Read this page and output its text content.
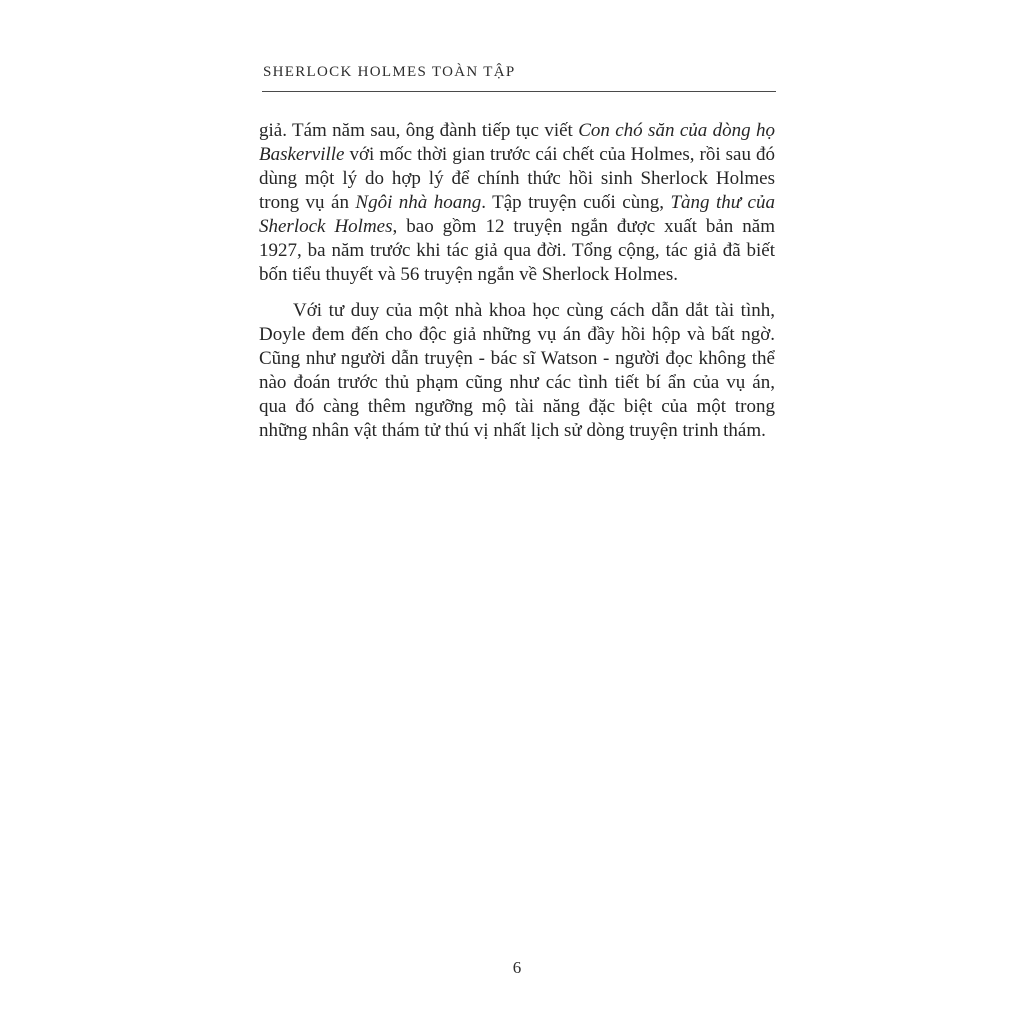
SHERLOCK HOLMES TOÀN TẬP

giả. Tám năm sau, ông đành tiếp tục viết Con chó săn của dòng họ Baskerville với mốc thời gian trước cái chết của Holmes, rồi sau đó dùng một lý do hợp lý để chính thức hồi sinh Sherlock Holmes trong vụ án Ngôi nhà hoang. Tập truyện cuối cùng, Tàng thư của Sherlock Holmes, bao gồm 12 truyện ngắn được xuất bản năm 1927, ba năm trước khi tác giả qua đời. Tổng cộng, tác giả đã biết bốn tiểu thuyết và 56 truyện ngắn về Sherlock Holmes.

Với tư duy của một nhà khoa học cùng cách dẫn dắt tài tình, Doyle đem đến cho độc giả những vụ án đầy hồi hộp và bất ngờ. Cũng như người dẫn truyện - bác sĩ Watson - người đọc không thể nào đoán trước thủ phạm cũng như các tình tiết bí ẩn của vụ án, qua đó càng thêm ngưỡng mộ tài năng đặc biệt của một trong những nhân vật thám tử thú vị nhất lịch sử dòng truyện trinh thám.

6
